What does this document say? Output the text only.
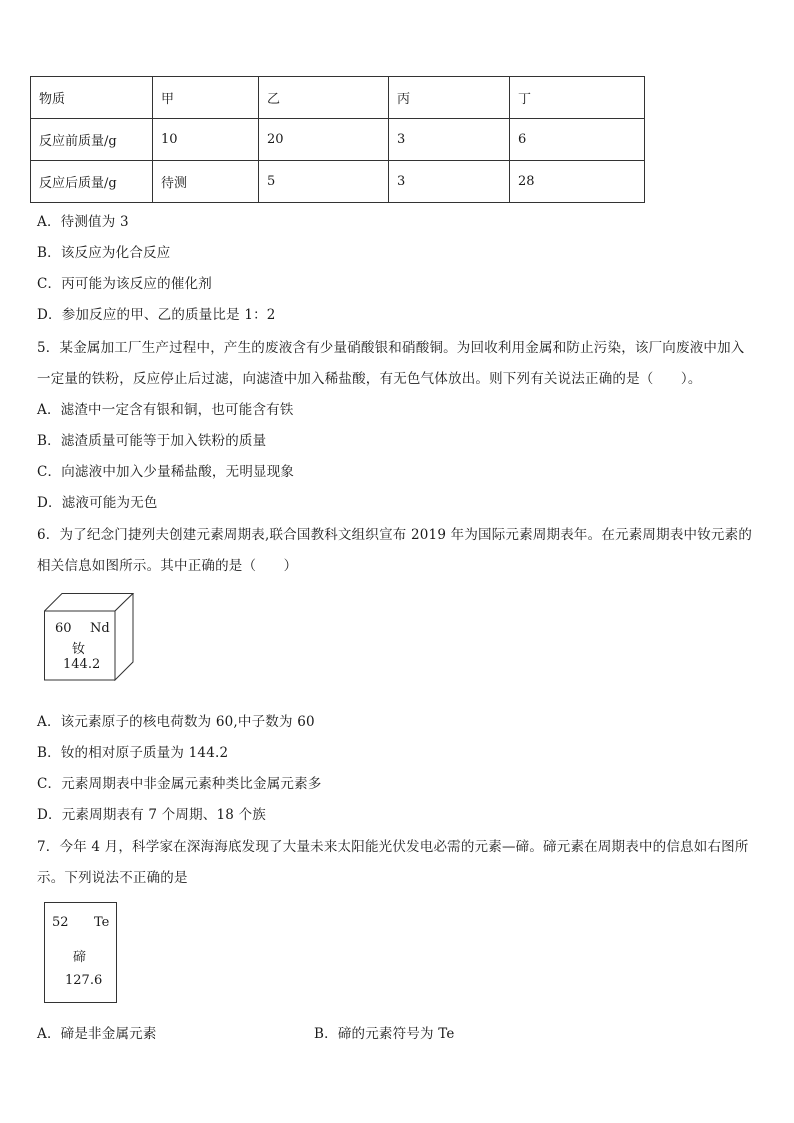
物质	甲	乙	丙	丁
反应前质量/g	10	20	3	6
反应后质量/g	待测	5	3	28
A．待测值为 3
B．该反应为化合反应
C．丙可能为该反应的催化剂
D．参加反应的甲、乙的质量比是 1：2
5．某金属加工厂生产过程中，产生的废液含有少量硝酸银和硝酸铜。为回收利用金属和防止污染，该厂向废液中加入
一定量的铁粉，反应停止后过滤，向滤渣中加入稀盐酸，有无色气体放出。则下列有关说法正确的是（　　）。
A．滤渣中一定含有银和铜，也可能含有铁
B．滤渣质量可能等于加入铁粉的质量
C．向滤液中加入少量稀盐酸，无明显现象
D．滤液可能为无色
6．为了纪念门捷列夫创建元素周期表,联合国教科文组织宣布 2019 年为国际元素周期表年。在元素周期表中钕元素的
相关信息如图所示。其中正确的是（　　）
60 Nd
钕
144.2
A．该元素原子的核电荷数为 60,中子数为 60
B．钕的相对原子质量为 144.2
C．元素周期表中非金属元素种类比金属元素多
D．元素周期表有 7 个周期、18 个族
7．今年 4 月，科学家在深海海底发现了大量未来太阳能光伏发电必需的元素—碲。碲元素在周期表中的信息如右图所
示。下列说法不正确的是
52 Te
碲
127.6
A．碲是非金属元素	B．碲的元素符号为 Te
